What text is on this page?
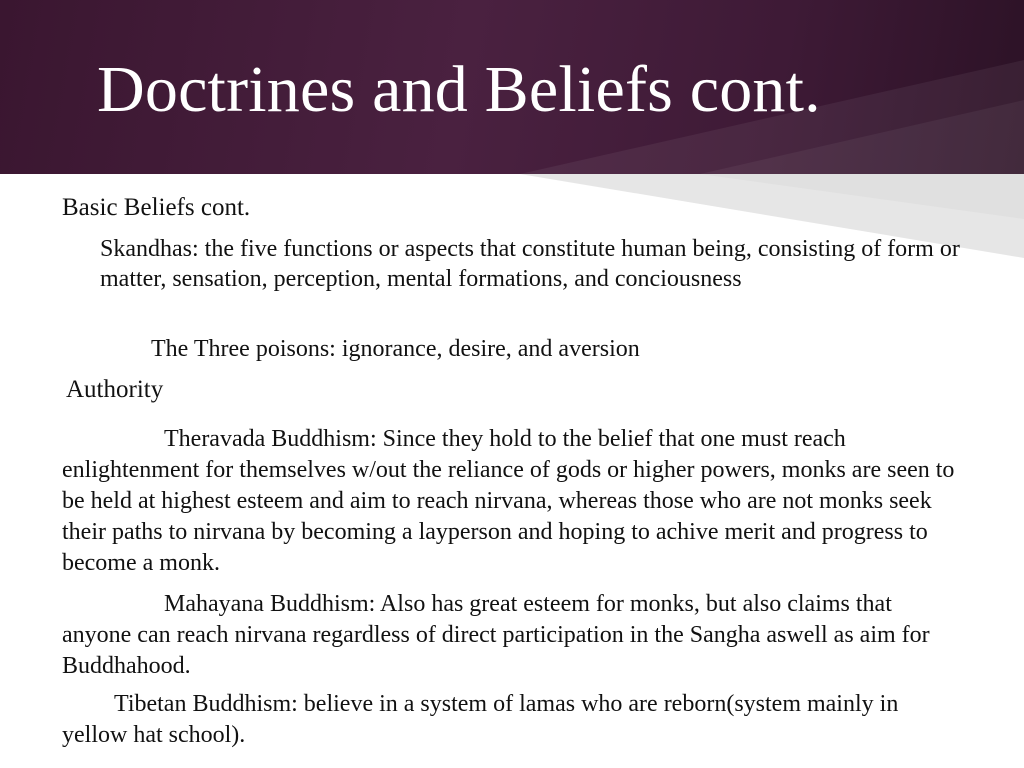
Doctrines and Beliefs cont.

Basic Beliefs cont.

Skandhas: the five functions or aspects that constitute human being, consisting of form or matter, sensation, perception, mental formations, and conciousness

The Three poisons: ignorance, desire, and aversion

Authority

Theravada Buddhism: Since they hold to the belief that one must reach enlightenment for themselves w/out the reliance of gods or higher powers, monks are seen to be held at highest esteem and aim to reach nirvana, whereas those who are not monks seek their paths to nirvana by becoming a layperson and hoping to achive merit and progress to become a monk.

Mahayana Buddhism: Also has great esteem for monks, but also claims that anyone can reach nirvana regardless of direct participation in the Sangha aswell as aim for Buddhahood.

Tibetan Buddhism: believe in a system of lamas who are reborn(system mainly in yellow hat school).
